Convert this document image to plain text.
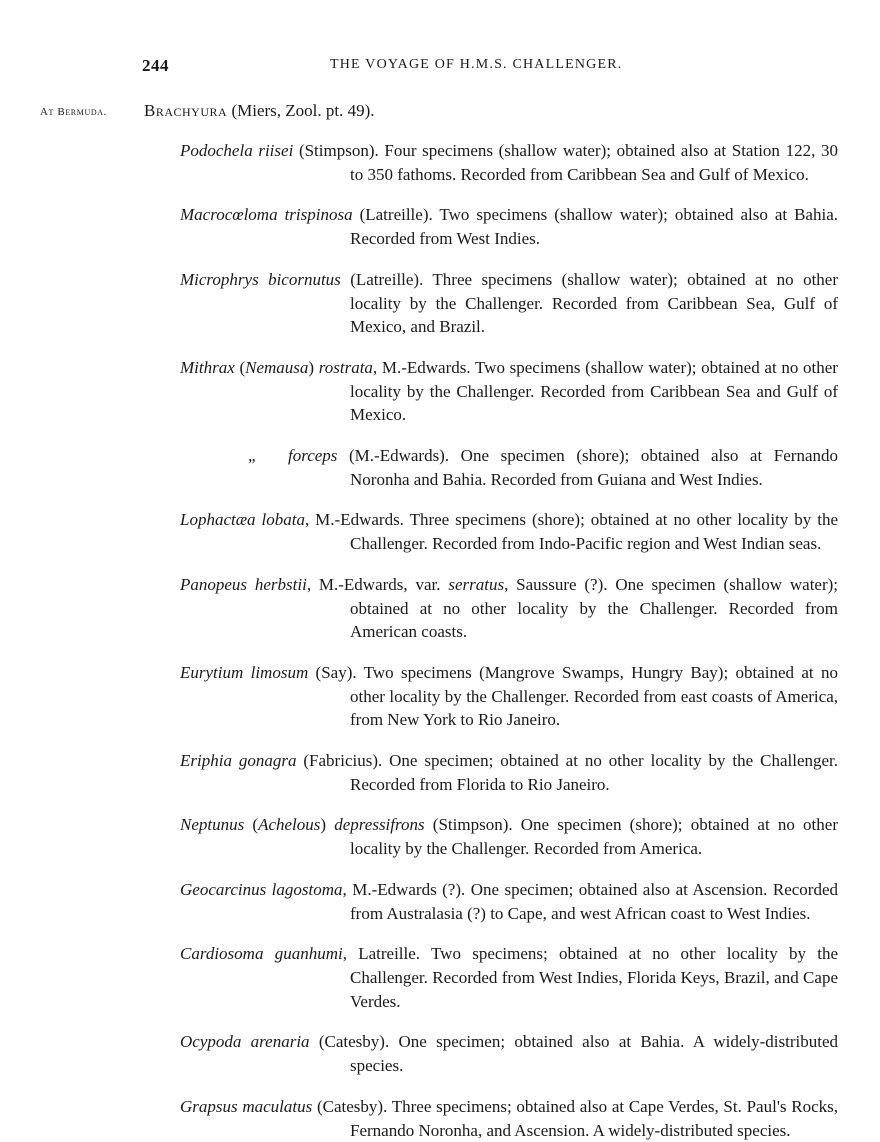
244	THE VOYAGE OF H.M.S. CHALLENGER.
At Bermuda. Brachyura (Miers, Zool. pt. 49).

Podochela riisei (Stimpson). Four specimens (shallow water); obtained also at Station 122, 30 to 350 fathoms. Recorded from Caribbean Sea and Gulf of Mexico.

Macrocœloma trispinosa (Latreille). Two specimens (shallow water); obtained also at Bahia. Recorded from West Indies.

Microphrys bicornutus (Latreille). Three specimens (shallow water); obtained at no other locality by the Challenger. Recorded from Caribbean Sea, Gulf of Mexico, and Brazil.

Mithrax (Nemausa) rostrata, M.-Edwards. Two specimens (shallow water); obtained at no other locality by the Challenger. Recorded from Caribbean Sea and Gulf of Mexico.

„ forceps (M.-Edwards). One specimen (shore); obtained also at Fernando Noronha and Bahia. Recorded from Guiana and West Indies.

Lophactæa lobata, M.-Edwards. Three specimens (shore); obtained at no other locality by the Challenger. Recorded from Indo-Pacific region and West Indian seas.

Panopeus herbstii, M.-Edwards, var. serratus, Saussure (?). One specimen (shallow water); obtained at no other locality by the Challenger. Recorded from American coasts.

Eurytium limosum (Say). Two specimens (Mangrove Swamps, Hungry Bay); obtained at no other locality by the Challenger. Recorded from east coasts of America, from New York to Rio Janeiro.

Eriphia gonagra (Fabricius). One specimen; obtained at no other locality by the Challenger. Recorded from Florida to Rio Janeiro.

Neptunus (Achelous) depressifrons (Stimpson). One specimen (shore); obtained at no other locality by the Challenger. Recorded from America.

Geocarcinus lagostoma, M.-Edwards (?). One specimen; obtained also at Ascension. Recorded from Australasia (?) to Cape, and west African coast to West Indies.

Cardiosoma guanhumi, Latreille. Two specimens; obtained at no other locality by the Challenger. Recorded from West Indies, Florida Keys, Brazil, and Cape Verdes.

Ocypoda arenaria (Catesby). One specimen; obtained also at Bahia. A widely-distributed species.

Grapsus maculatus (Catesby). Three specimens; obtained also at Cape Verdes, St. Paul's Rocks, Fernando Noronha, and Ascension. A widely-distributed species.
